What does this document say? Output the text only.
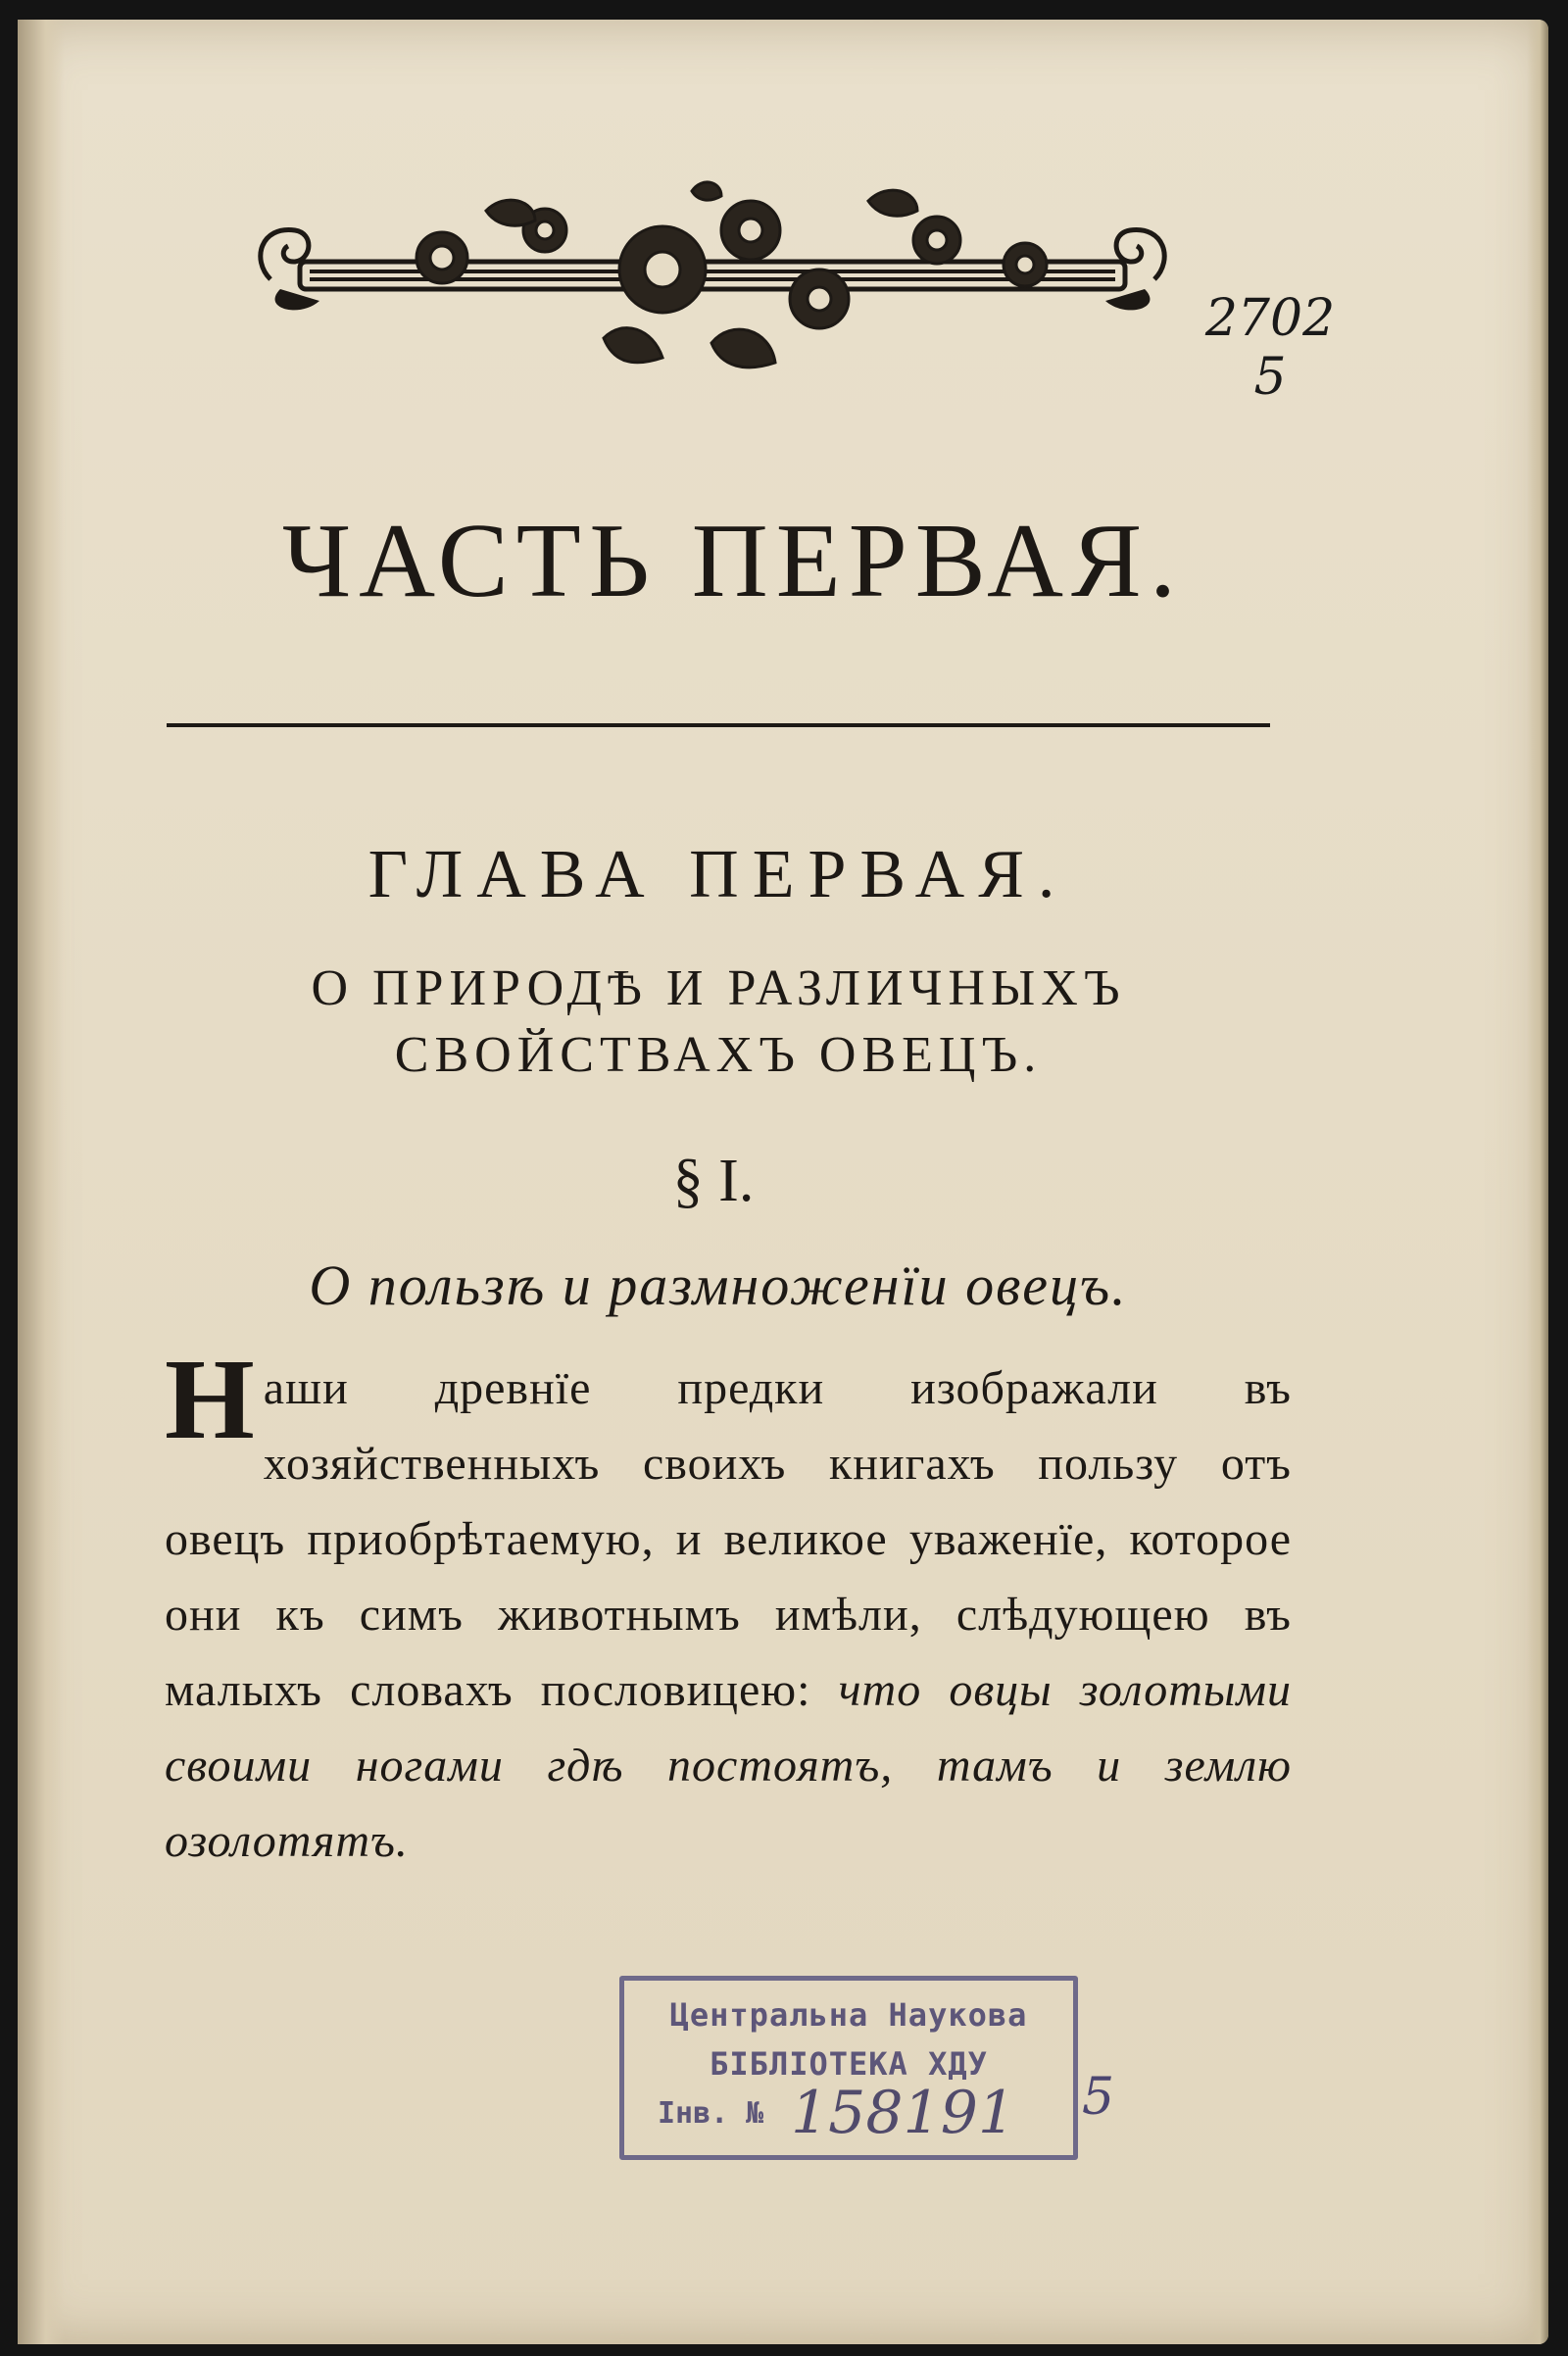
2702
5
ЧАСТЬ ПЕРВАЯ.
ГЛАВА ПЕРВАЯ.
О ПРИРОДѢ И РАЗЛИЧНЫХЪ
СВОЙСТВАХЪ ОВЕЦЪ.
§ I.
О пользѣ и размноженїи овецъ.

Наши древнїе предки изображали въ хозяйственныхъ своихъ книгахъ пользу отъ овецъ приобрѣтаемую, и великое уваженїе, которое они къ симъ животнымъ имѣли, слѣдующею въ малыхъ словахъ пословицею: что овцы золотыми своими ногами гдѣ постоятъ, тамъ и землю озолотятъ.

Центральна Наукова
БІБЛІОТЕКА ХДУ
Інв. № 158191 5
